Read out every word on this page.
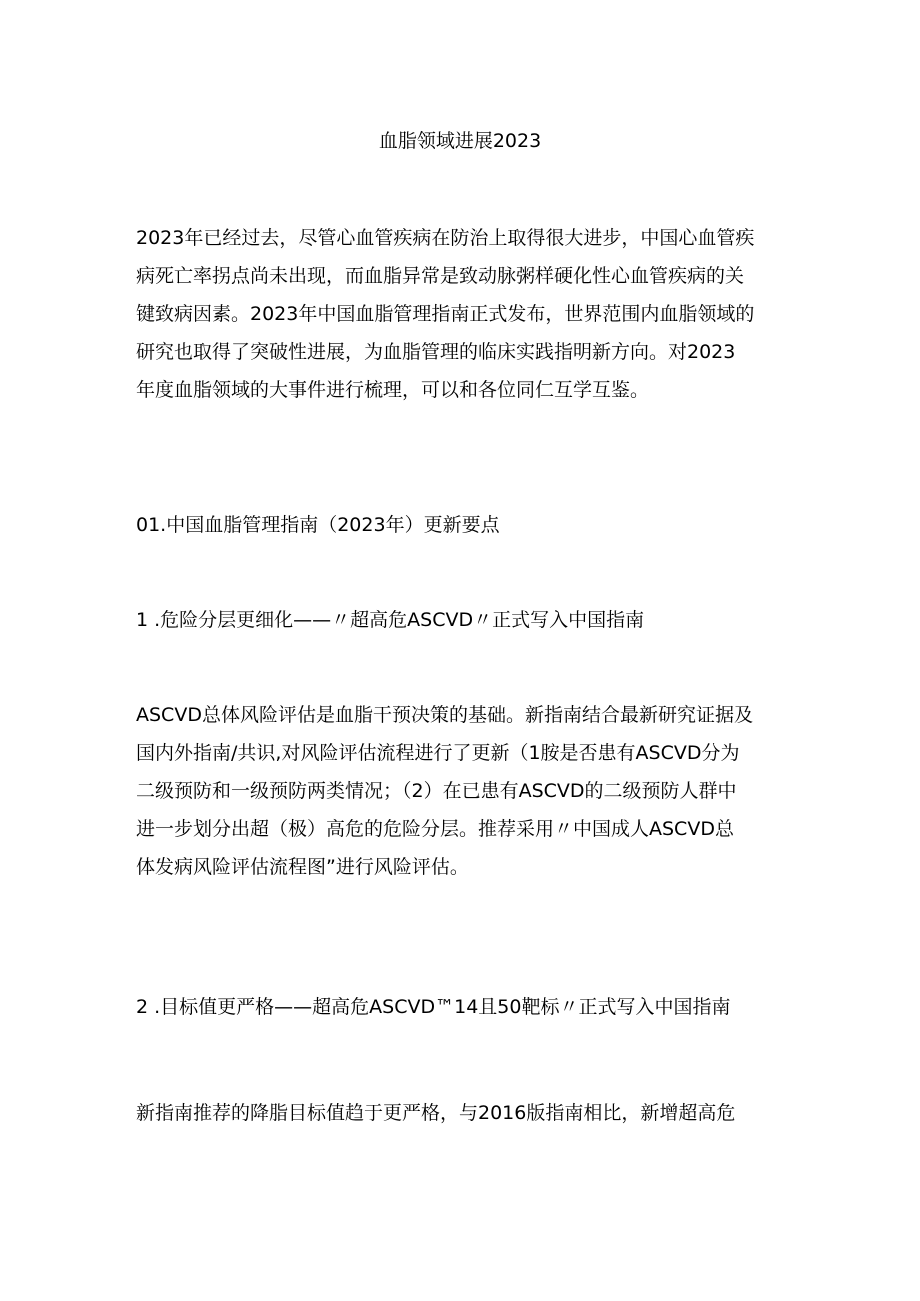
血脂领域进展2023
2023年已经过去，尽管心血管疾病在防治上取得很大进步，中国心血管疾
病死亡率拐点尚未出现，而血脂异常是致动脉粥样硬化性心血管疾病的关
键致病因素。2023年中国血脂管理指南正式发布，世界范围内血脂领域的
研究也取得了突破性进展，为血脂管理的临床实践指明新方向。对2023
年度血脂领域的大事件进行梳理，可以和各位同仁互学互鉴。
01.中国血脂管理指南（2023年）更新要点
1 .危险分层更细化——〃超高危ASCVD〃正式写入中国指南
ASCVD总体风险评估是血脂干预决策的基础。新指南结合最新研究证据及
国内外指南/共识,对风险评估流程进行了更新（1胺是否患有ASCVD分为
二级预防和一级预防两类情况；（2）在已患有ASCVD的二级预防人群中
进一步划分出超（极）高危的危险分层。推荐采用〃中国成人ASCVD总
体发病风险评估流程图”进行风险评估。
2 .目标值更严格——超高危ASCVD™14且50靶标〃正式写入中国指南
新指南推荐的降脂目标值趋于更严格，与2016版指南相比，新增超高危
